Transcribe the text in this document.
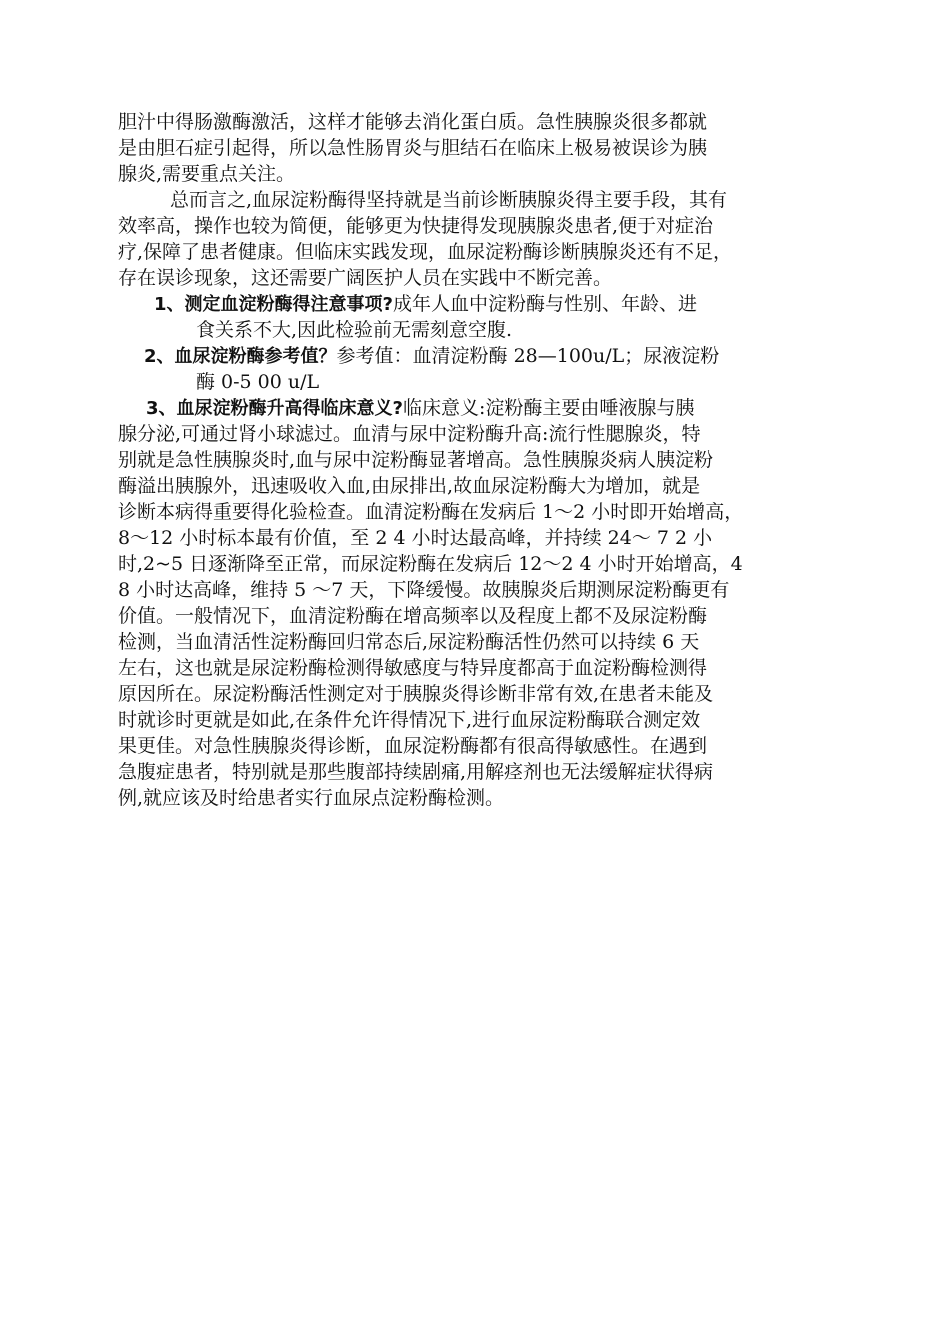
胆汁中得肠激酶激活，这样才能够去消化蛋白质。急性胰腺炎很多都就
是由胆石症引起得，所以急性肠胃炎与胆结石在临床上极易被误诊为胰
腺炎,需要重点关注。
总而言之,血尿淀粉酶得坚持就是当前诊断胰腺炎得主要手段，其有
效率高，操作也较为简便，能够更为快捷得发现胰腺炎患者,便于对症治
疗,保障了患者健康。但临床实践发现，血尿淀粉酶诊断胰腺炎还有不足，
存在误诊现象，这还需要广阔医护人员在实践中不断完善。
1、测定血淀粉酶得注意事项?成年人血中淀粉酶与性别、年龄、进
食关系不大,因此检验前无需刻意空腹.
2、血尿淀粉酶参考值？参考值：血清淀粉酶 28—100u/L；尿液淀粉
酶 0-5 00 u/L
3、血尿淀粉酶升高得临床意义?临床意义:淀粉酶主要由唾液腺与胰
腺分泌,可通过肾小球滤过。血清与尿中淀粉酶升高:流行性腮腺炎，特
别就是急性胰腺炎时,血与尿中淀粉酶显著增高。急性胰腺炎病人胰淀粉
酶溢出胰腺外，迅速吸收入血,由尿排出,故血尿淀粉酶大为增加，就是
诊断本病得重要得化验检查。血清淀粉酶在发病后 1～2 小时即开始增高，
8～12 小时标本最有价值，至 2 4 小时达最高峰，并持续 24～ 7 2 小
时,2~5 日逐渐降至正常，而尿淀粉酶在发病后 12～2 4 小时开始增高，4
8 小时达高峰，维持 5 ～7 天，下降缓慢。故胰腺炎后期测尿淀粉酶更有
价值。一般情况下，血清淀粉酶在增高频率以及程度上都不及尿淀粉酶
检测，当血清活性淀粉酶回归常态后,尿淀粉酶活性仍然可以持续 6 天
左右，这也就是尿淀粉酶检测得敏感度与特异度都高于血淀粉酶检测得
原因所在。尿淀粉酶活性测定对于胰腺炎得诊断非常有效,在患者未能及
时就诊时更就是如此,在条件允许得情况下,进行血尿淀粉酶联合测定效
果更佳。对急性胰腺炎得诊断，血尿淀粉酶都有很高得敏感性。在遇到
急腹症患者，特别就是那些腹部持续剧痛,用解痉剂也无法缓解症状得病
例,就应该及时给患者实行血尿点淀粉酶检测。
